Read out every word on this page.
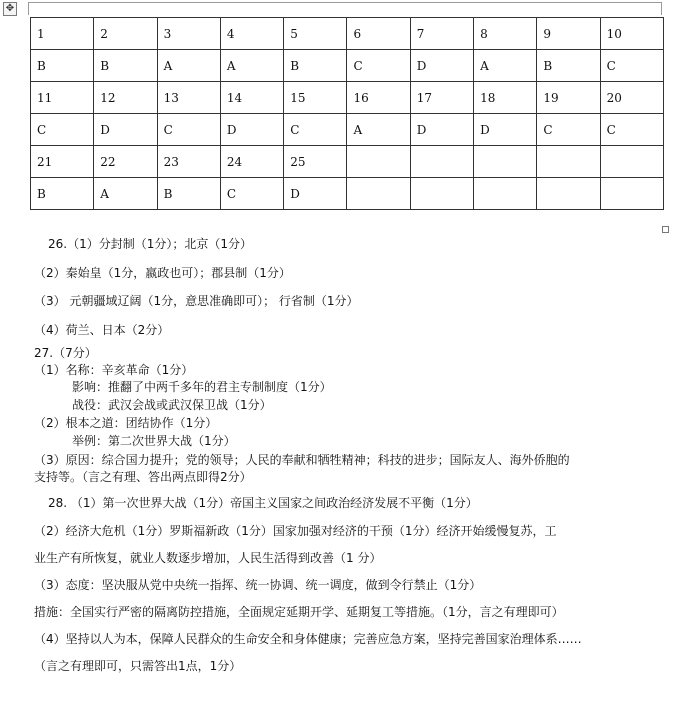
✥
1	2	3	4	5	6	7	8	9	10
B	B	A	A	B	C	D	A	B	C
11	12	13	14	15	16	17	18	19	20
C	D	C	D	C	A	D	D	C	C
21	22	23	24	25					
B	A	B	C	D					
26.（1）分封制（1分）；北京（1分）
（2）秦始皇（1分，嬴政也可）；郡县制（1分）
（3） 元朝疆域辽阔（1分，意思准确即可）； 行省制（1分）
（4）荷兰、日本（2分）
27.（7分）
（1）名称：辛亥革命（1分）
影响：推翻了中两千多年的君主专制制度（1分）
战役：武汉会战或武汉保卫战（1分）
（2）根本之道：团结协作（1分）
举例：第二次世界大战（1分）
（3）原因：综合国力提升；党的领导；人民的奉献和牺牲精神；科技的进步；国际友人、海外侨胞的
支持等。（言之有理、答出两点即得2分）
28. （1）第一次世界大战（1分）帝国主义国家之间政治经济发展不平衡（1分）
（2）经济大危机（1分）罗斯福新政（1分）国家加强对经济的干预（1分）经济开始缓慢复苏，工
业生产有所恢复，就业人数逐步增加，人民生活得到改善（1 分）
（3）态度：坚决服从党中央统一指挥、统一协调、统一调度，做到令行禁止（1分）
措施：全国实行严密的隔离防控措施，全面规定延期开学、延期复工等措施。（1分，言之有理即可）
（4）坚持以人为本，保障人民群众的生命安全和身体健康；完善应急方案，坚持完善国家治理体系……
（言之有理即可，只需答出1点，1分）
